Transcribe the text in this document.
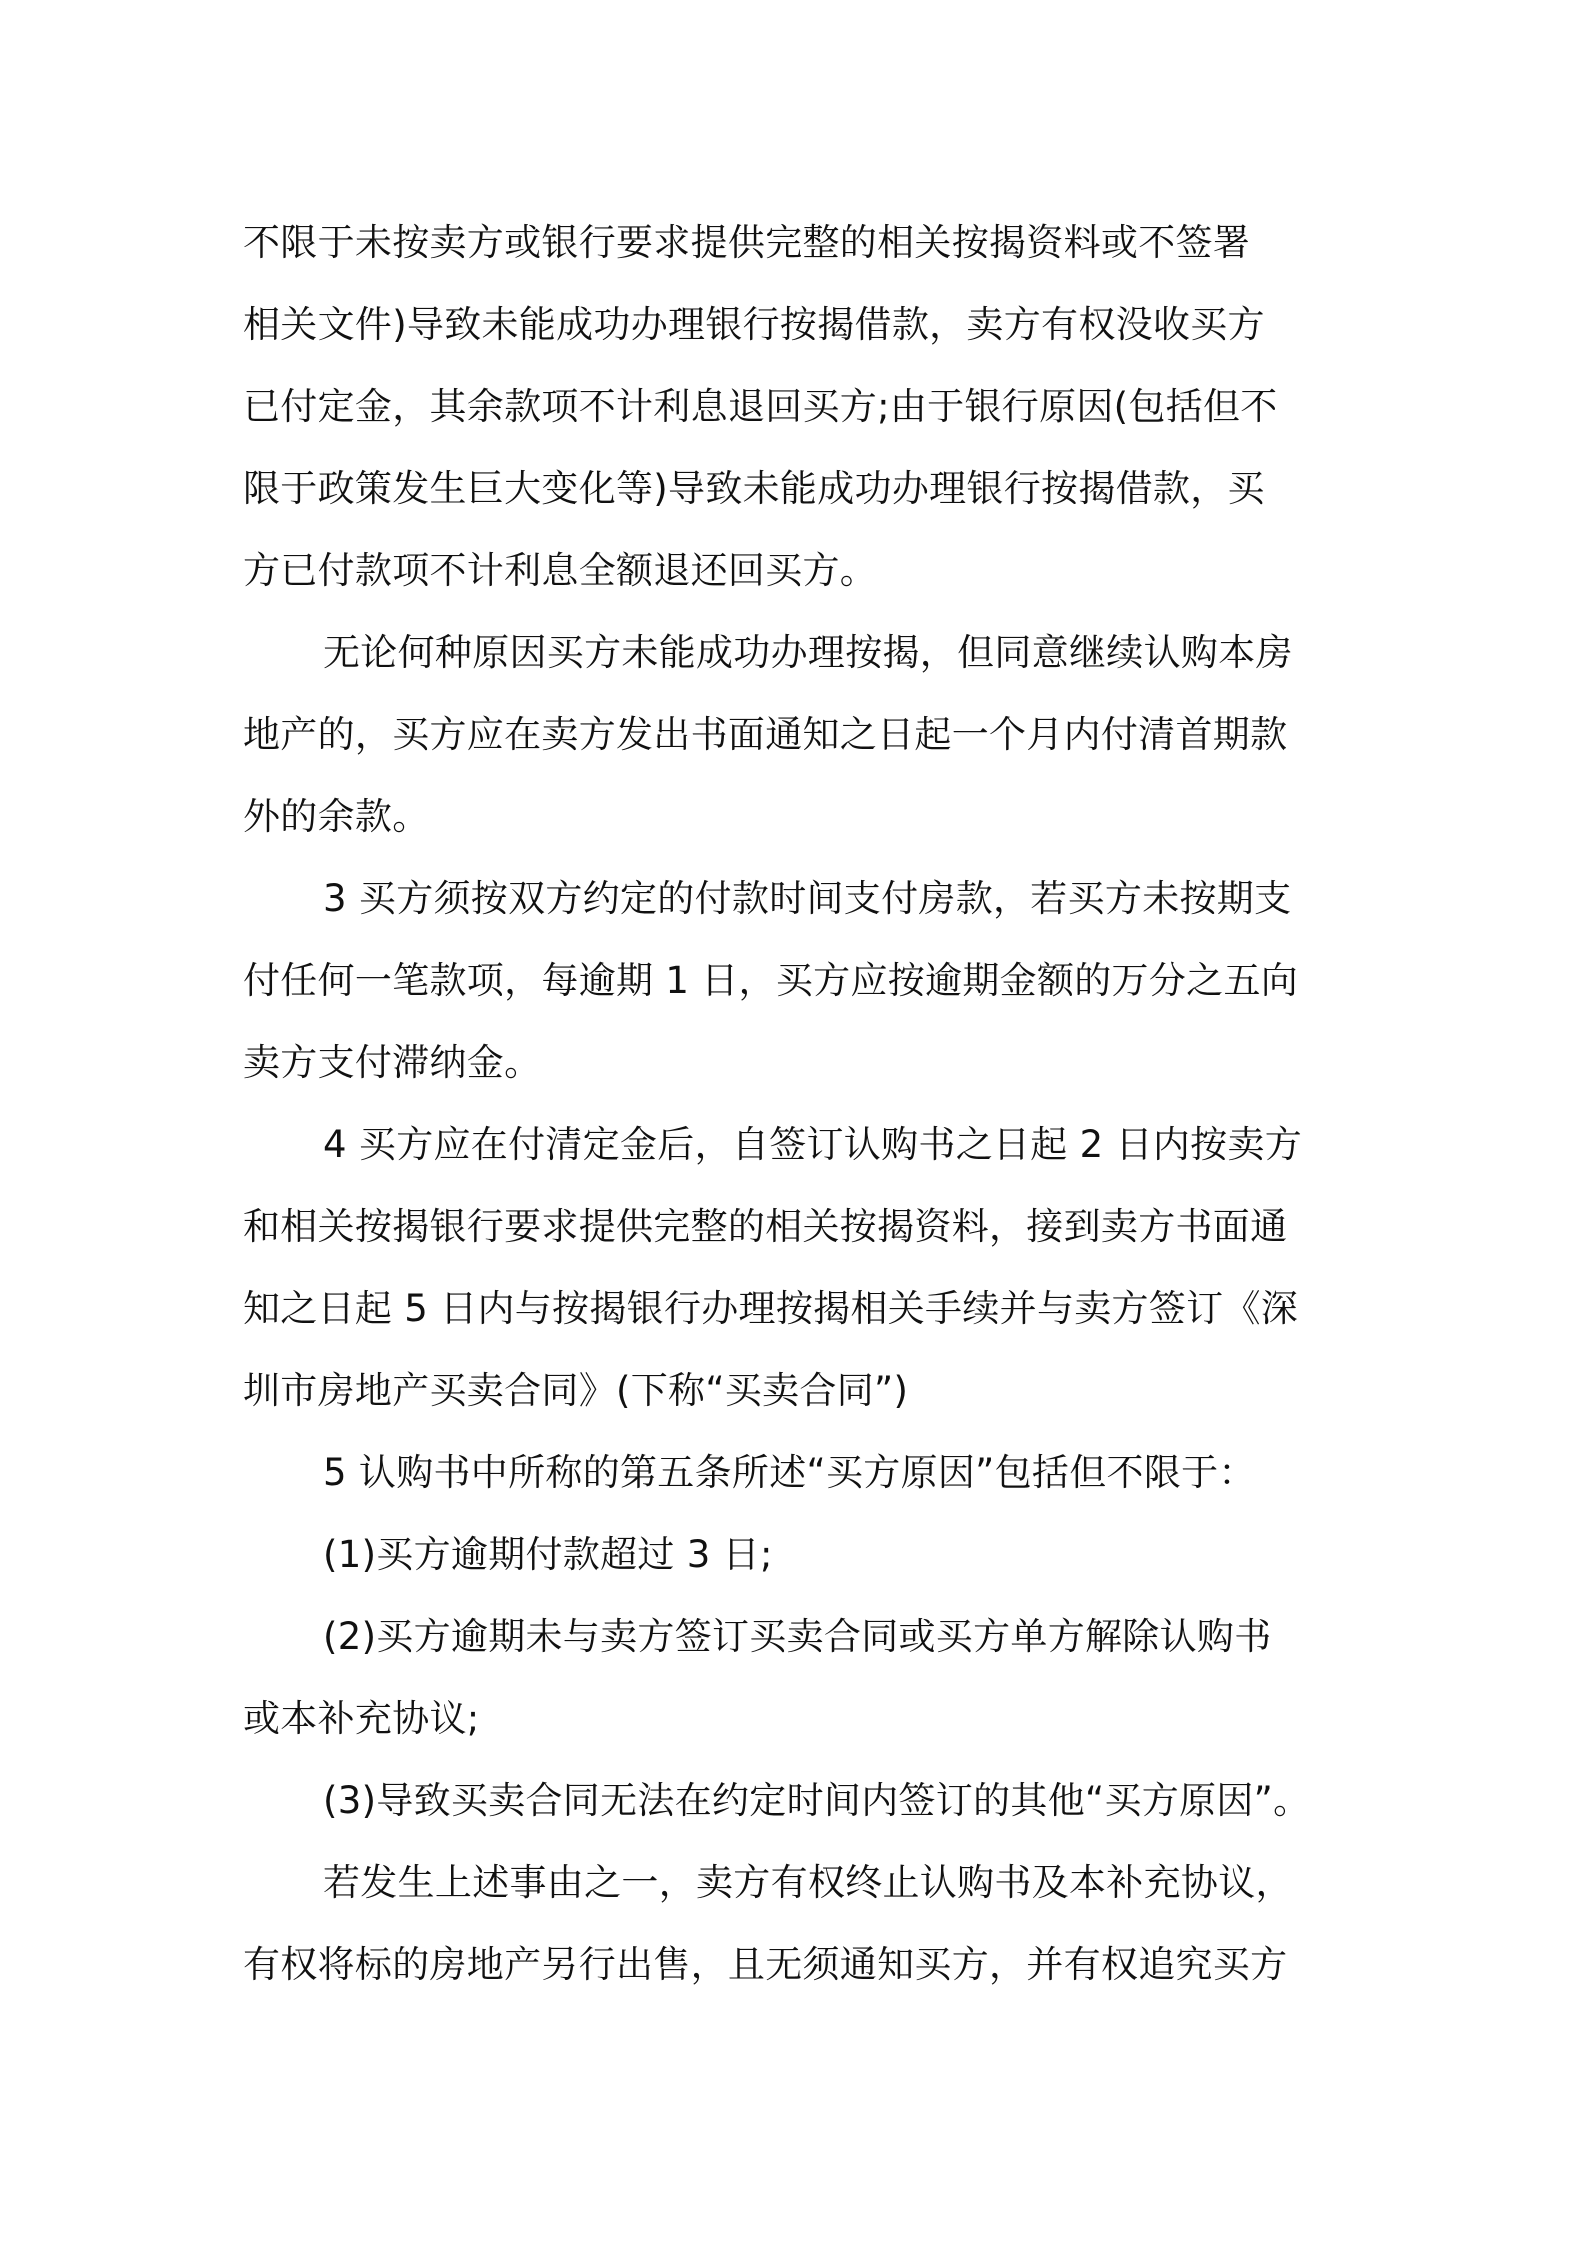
不限于未按卖方或银行要求提供完整的相关按揭资料或不签署
相关文件)导致未能成功办理银行按揭借款，卖方有权没收买方
已付定金，其余款项不计利息退回买方;由于银行原因(包括但不
限于政策发生巨大变化等)导致未能成功办理银行按揭借款，买
方已付款项不计利息全额退还回买方。
无论何种原因买方未能成功办理按揭，但同意继续认购本房
地产的，买方应在卖方发出书面通知之日起一个月内付清首期款
外的余款。
3 买方须按双方约定的付款时间支付房款，若买方未按期支
付任何一笔款项，每逾期 1 日，买方应按逾期金额的万分之五向
卖方支付滞纳金。
4 买方应在付清定金后，自签订认购书之日起 2 日内按卖方
和相关按揭银行要求提供完整的相关按揭资料，接到卖方书面通
知之日起 5 日内与按揭银行办理按揭相关手续并与卖方签订《深
圳市房地产买卖合同》(下称“买卖合同”)
5 认购书中所称的第五条所述“买方原因”包括但不限于：
(1)买方逾期付款超过 3 日;
(2)买方逾期未与卖方签订买卖合同或买方单方解除认购书
或本补充协议;
(3)导致买卖合同无法在约定时间内签订的其他“买方原因”。
若发生上述事由之一，卖方有权终止认购书及本补充协议，
有权将标的房地产另行出售，且无须通知买方，并有权追究买方
